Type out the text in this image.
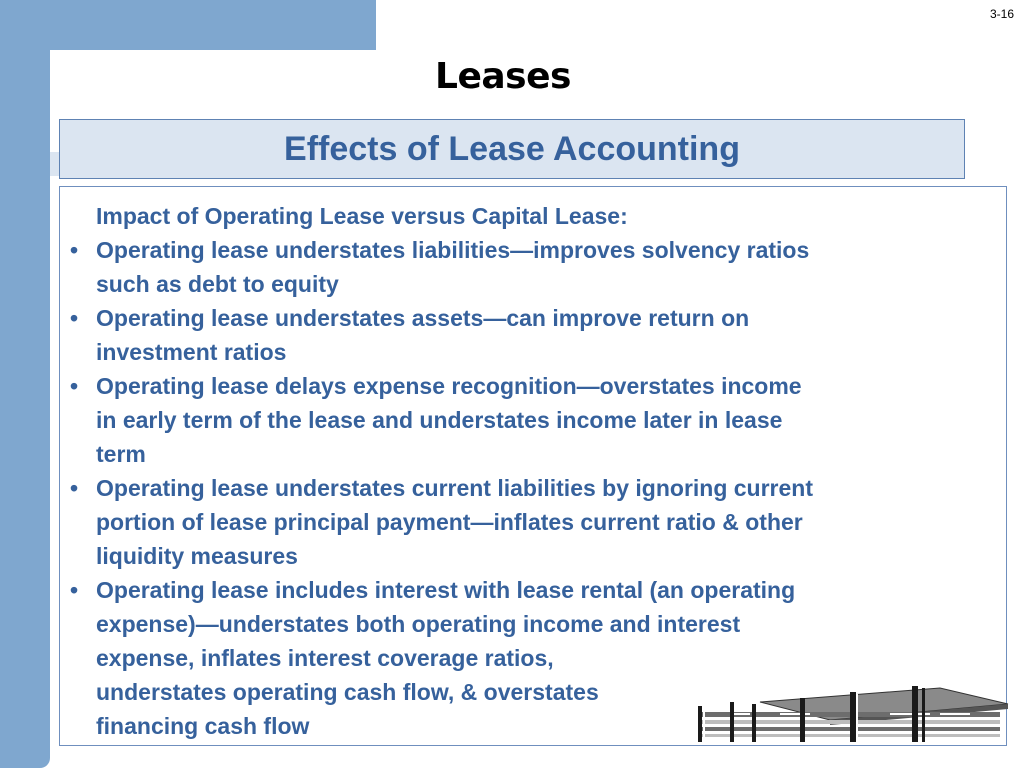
3-16
Leases
Effects of Lease Accounting
Impact of Operating Lease versus Capital Lease:
• Operating lease understates liabilities—improves solvency ratios
such as debt to equity
• Operating lease understates assets—can improve return on
investment ratios
• Operating lease delays expense recognition—overstates income
in early term of the lease and understates income later in lease
term
• Operating lease understates current liabilities by ignoring current
portion of lease principal payment—inflates current ratio & other
liquidity measures
• Operating lease includes interest with lease rental (an operating
expense)—understates both operating income and interest
expense, inflates interest coverage ratios,
understates operating cash flow, & overstates
financing cash flow
